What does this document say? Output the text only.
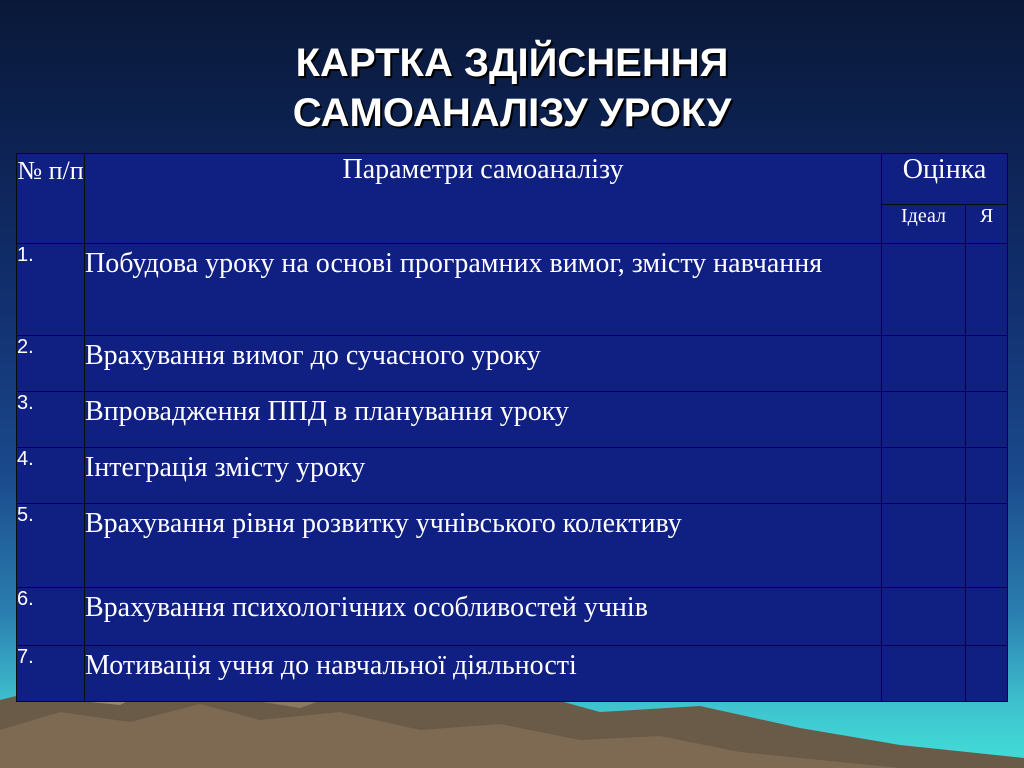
КАРТКА ЗДІЙСНЕННЯ
САМОАНАЛІЗУ УРОКУ
№ п/п	Параметри самоаналізу	Оцінка	
		Ідеал	Я
1.	Побудова уроку на основі програмних вимог, змісту навчання		
2.	Врахування вимог до сучасного уроку		
3.	Впровадження ППД в планування уроку		
4.	Інтеграція змісту уроку		
5.	Врахування рівня розвитку учнівського колективу		
6.	Врахування психологічних особливостей учнів		
7.	Мотивація учня до навчальної діяльності		
